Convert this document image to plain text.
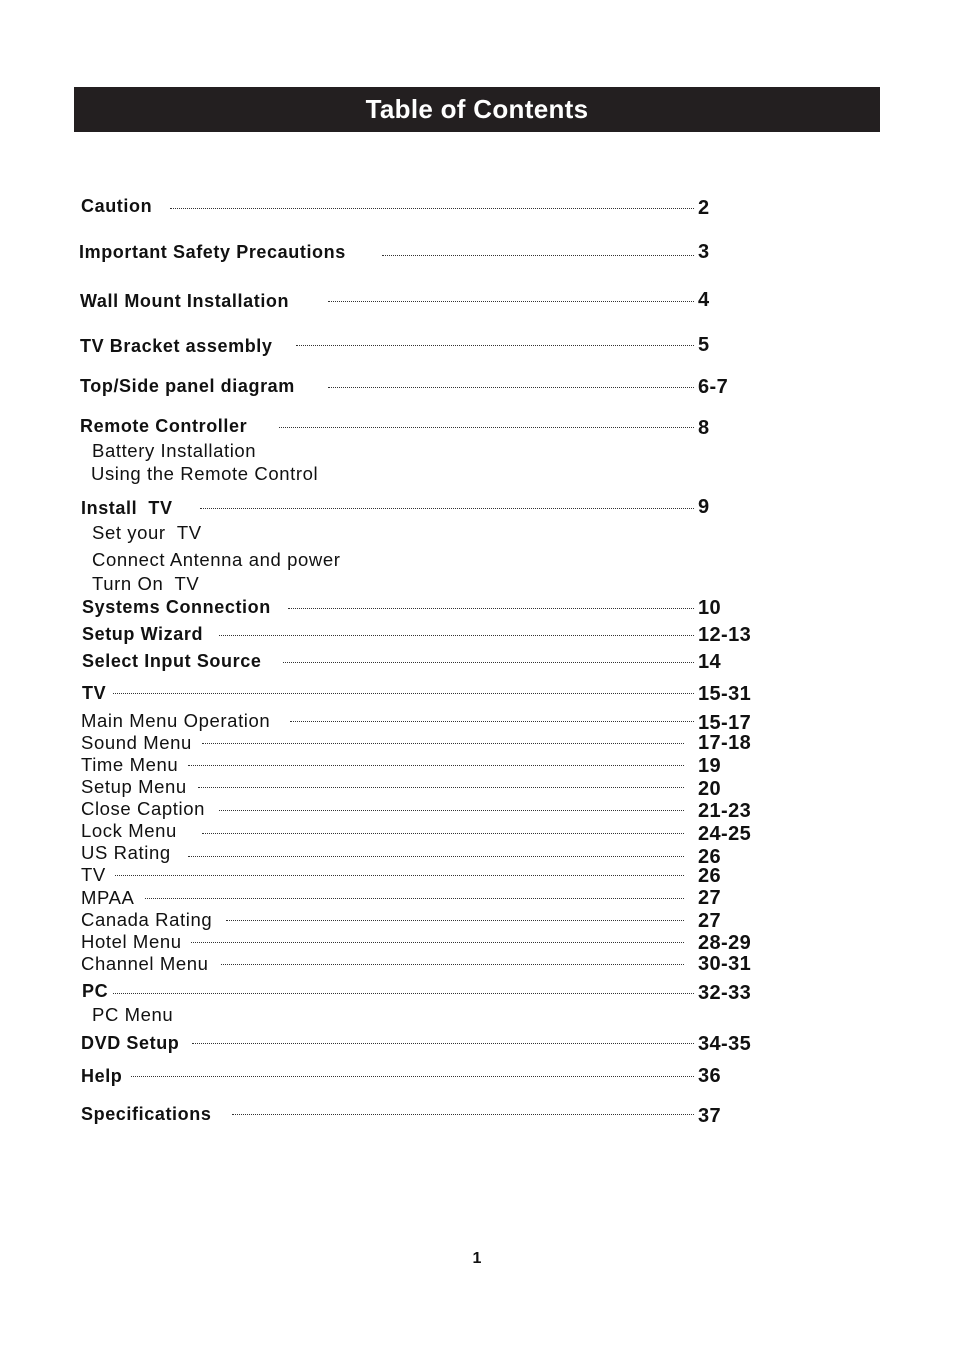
Table of Contents
Caution	2
Important Safety Precautions	3
Wall Mount Installation	4
TV Bracket assembly	5
Top/Side panel diagram	6-7
Remote Controller	8
Battery Installation
Using the Remote Control
Install  TV	9
Set your  TV
Connect Antenna and power
Turn On  TV
Systems Connection	10
Setup Wizard	12-13
Select Input Source	14
TV	15-31
Main Menu Operation	15-17
Sound Menu	17-18
Time Menu	19
Setup Menu	20
Close Caption	21-23
Lock Menu	24-25
US Rating	26
TV	26
MPAA	27
Canada Rating	27
Hotel Menu	28-29
Channel Menu	30-31
PC	32-33
PC Menu
DVD Setup	34-35
Help	36
Specifications	37
1
